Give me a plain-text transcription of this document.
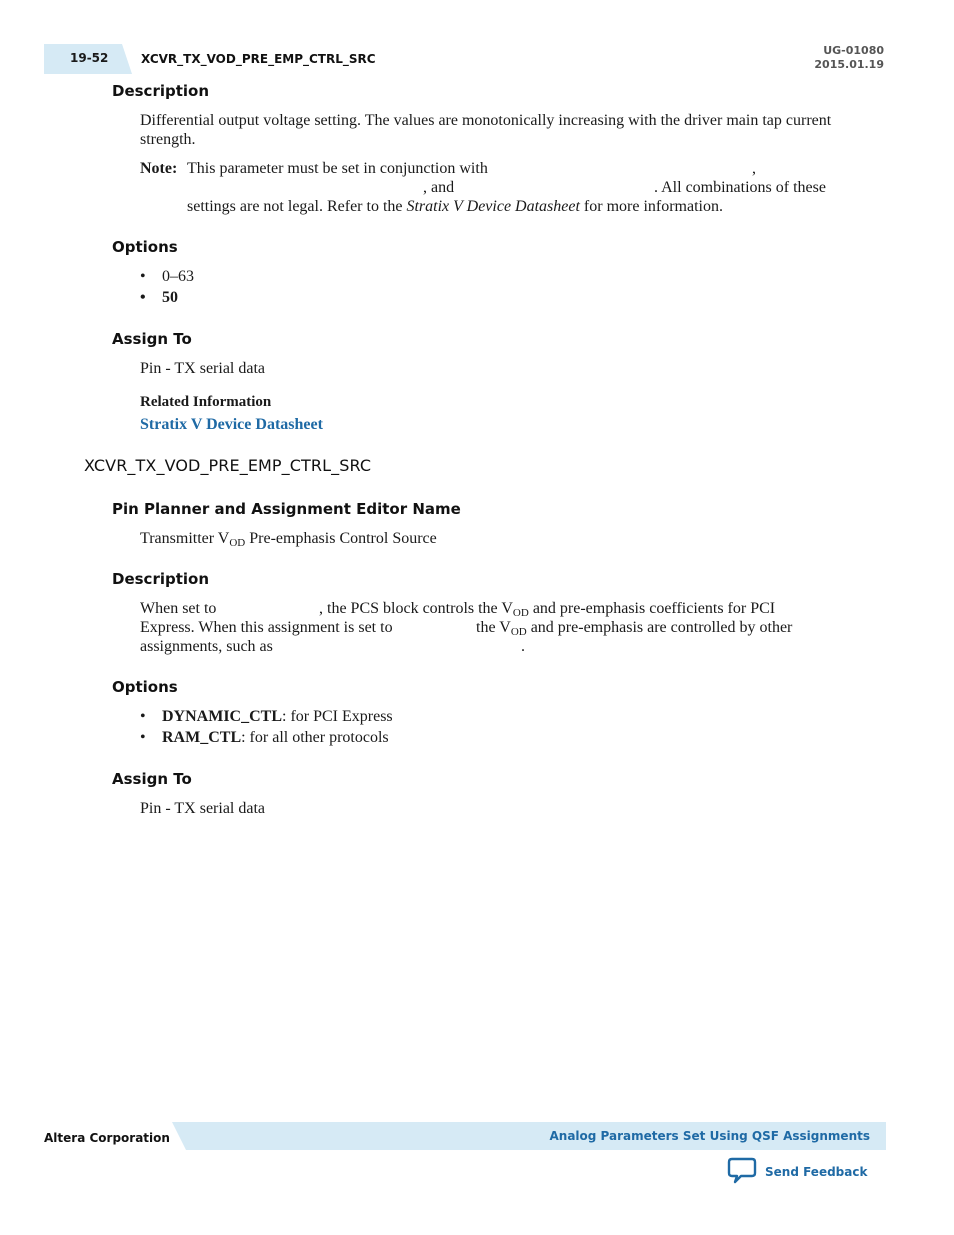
19-52	XCVR_TX_VOD_PRE_EMP_CTRL_SRC
UG-01080
2015.01.19
Description
Differential output voltage setting. The values are monotonically increasing with the driver main tap current strength.
Note: This parameter must be set in conjunction with	,
, and	. All combinations of these
settings are not legal. Refer to the Stratix V Device Datasheet for more information.
Options
• 0–63
• 50
Assign To
Pin - TX serial data
Related Information
Stratix V Device Datasheet
XCVR_TX_VOD_PRE_EMP_CTRL_SRC
Pin Planner and Assignment Editor Name
Transmitter $V_{OD}$ Pre-emphasis Control Source
Description
When set to	, the PCS block controls the $V_{OD}$ and pre-emphasis coefficients for PCI
Express. When this assignment is set to	the $V_{OD}$ and pre-emphasis are controlled by other
assignments, such as	.
Options
• DYNAMIC_CTL: for PCI Express
• RAM_CTL: for all other protocols
Assign To
Pin - TX serial data
Altera Corporation	Analog Parameters Set Using QSF Assignments
Send Feedback
